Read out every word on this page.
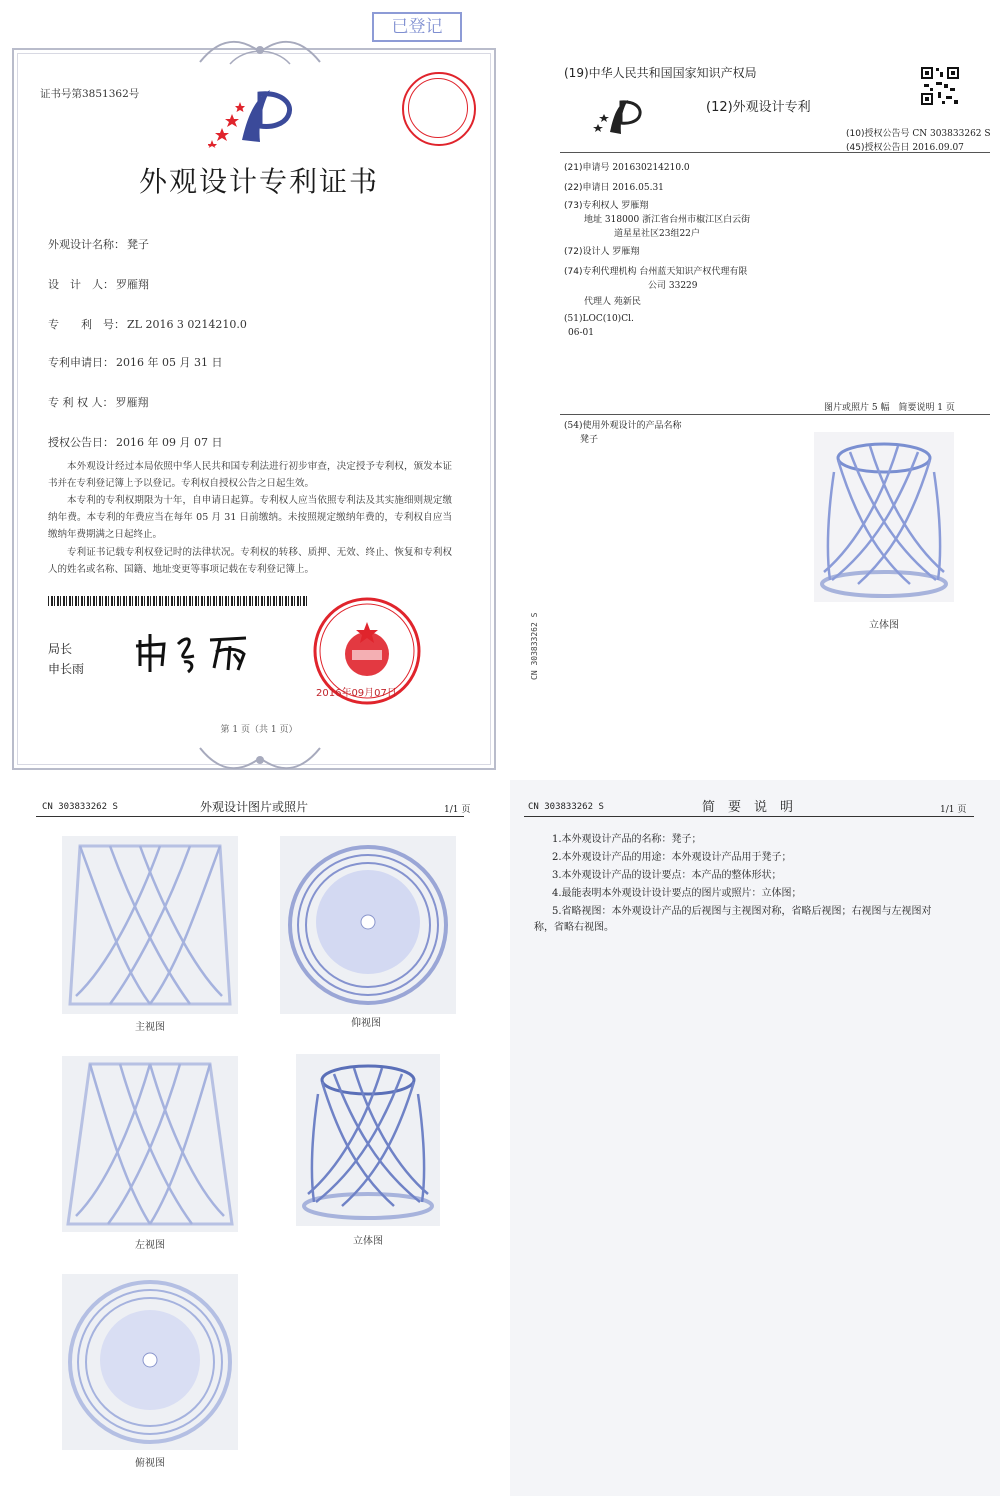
已登记
证书号第3851362号
外观设计专利证书
外观设计名称： 凳子
设　计　人： 罗雁翔
专　　利　号： ZL 2016 3 0214210.0
专利申请日： 2016 年 05 月 31 日
专 利 权 人： 罗雁翔
授权公告日： 2016 年 09 月 07 日
本外观设计经过本局依照中华人民共和国专利法进行初步审查，决定授予专利权，颁发本证书并在专利登记簿上予以登记。专利权自授权公告之日起生效。
本专利的专利权期限为十年，自申请日起算。专利权人应当依照专利法及其实施细则规定缴纳年费。本专利的年费应当在每年 05 月 31 日前缴纳。未按照规定缴纳年费的，专利权自应当缴纳年费期满之日起终止。
专利证书记载专利权登记时的法律状况。专利权的转移、质押、无效、终止、恢复和专利权人的姓名或名称、国籍、地址变更等事项记载在专利登记簿上。
局长
申长雨
2016年09月07日
第 1 页（共 1 页）
(19)中华人民共和国国家知识产权局
(12)外观设计专利
(10)授权公告号 CN 303833262 S
(45)授权公告日 2016.09.07
(21)申请号 201630214210.0
(22)申请日 2016.05.31
(73)专利权人 罗雁翔
地址 318000 浙江省台州市椒江区白云街
道星星社区23组22户
(72)设计人 罗雁翔
(74)专利代理机构 台州蓝天知识产权代理有限
公司 33229
代理人 苑新民
(51)LOC(10)Cl.
06-01
图片或照片 5 幅　简要说明 1 页
(54)使用外观设计的产品名称
凳子
CN 303833262 S	立体图
CN 303833262 S	外观设计图片或照片	1/1 页
主视图	仰视图
左视图	立体图
俯视图
CN 303833262 S	简　要　说　明	1/1 页
1.本外观设计产品的名称：凳子；
2.本外观设计产品的用途：本外观设计产品用于凳子；
3.本外观设计产品的设计要点：本产品的整体形状；
4.最能表明本外观设计设计要点的图片或照片：立体图；
5.省略视图：本外观设计产品的后视图与主视图对称，省略后视图；右视图与左视图对
称，省略右视图。
